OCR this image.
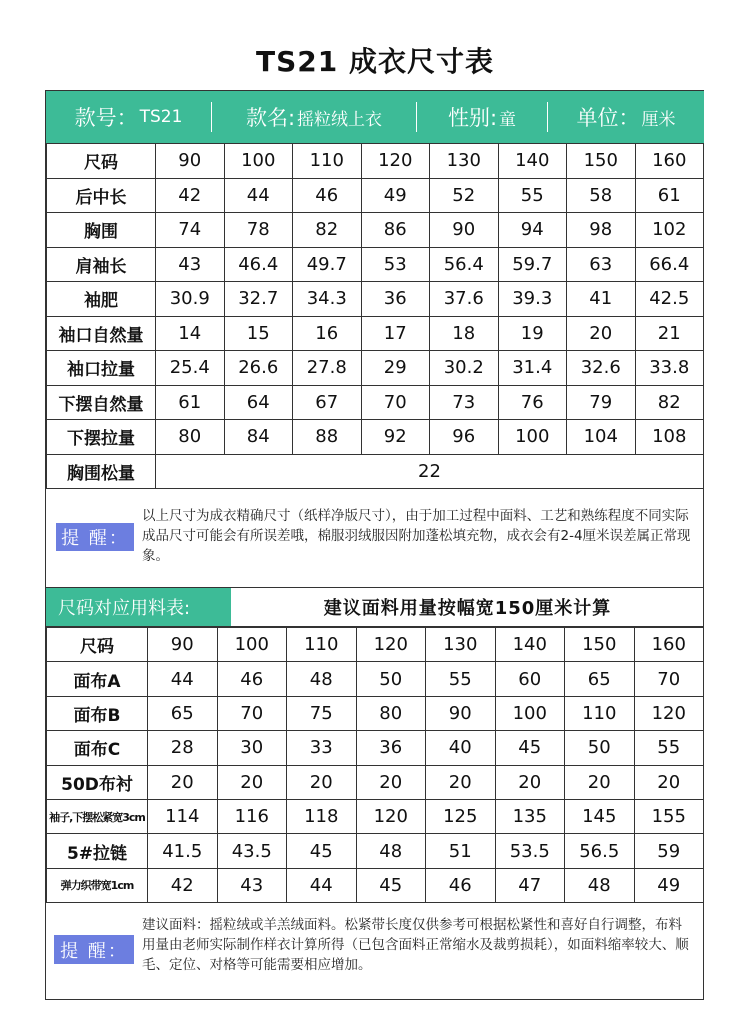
TS21 成衣尺寸表
款号： TS21	款名: 摇粒绒上衣	性别: 童	单位： 厘米
尺码	90	100	110	120	130	140	150	160
后中长	42	44	46	49	52	55	58	61
胸围	74	78	82	86	90	94	98	102
肩袖长	43	46.4	49.7	53	56.4	59.7	63	66.4
袖肥	30.9	32.7	34.3	36	37.6	39.3	41	42.5
袖口自然量	14	15	16	17	18	19	20	21
袖口拉量	25.4	26.6	27.8	29	30.2	31.4	32.6	33.8
下摆自然量	61	64	67	70	73	76	79	82
下摆拉量	80	84	88	92	96	100	104	108
胸围松量	22							
提 醒：
以上尺寸为成衣精确尺寸（纸样净版尺寸），由于加工过程中面料、工艺和熟练程度不同实际成品尺寸可能会有所误差哦，棉服羽绒服因附加蓬松填充物，成衣会有2-4厘米误差属正常现象。
尺码对应用料表:	建议面料用量按幅宽150厘米计算
尺码	90	100	110	120	130	140	150	160
面布A	44	46	48	50	55	60	65	70
面布B	65	70	75	80	90	100	110	120
面布C	28	30	33	36	40	45	50	55
50D布衬	20	20	20	20	20	20	20	20
袖子,下摆松紧宽3cm	114	116	118	120	125	135	145	155
5#拉链	41.5	43.5	45	48	51	53.5	56.5	59
弹力织带宽1cm	42	43	44	45	46	47	48	49
提 醒：
建议面料：摇粒绒或羊羔绒面料。松紧带长度仅供参考可根据松紧性和喜好自行调整，布料用量由老师实际制作样衣计算所得（已包含面料正常缩水及裁剪损耗），如面料缩率较大、顺毛、定位、对格等可能需要相应增加。
